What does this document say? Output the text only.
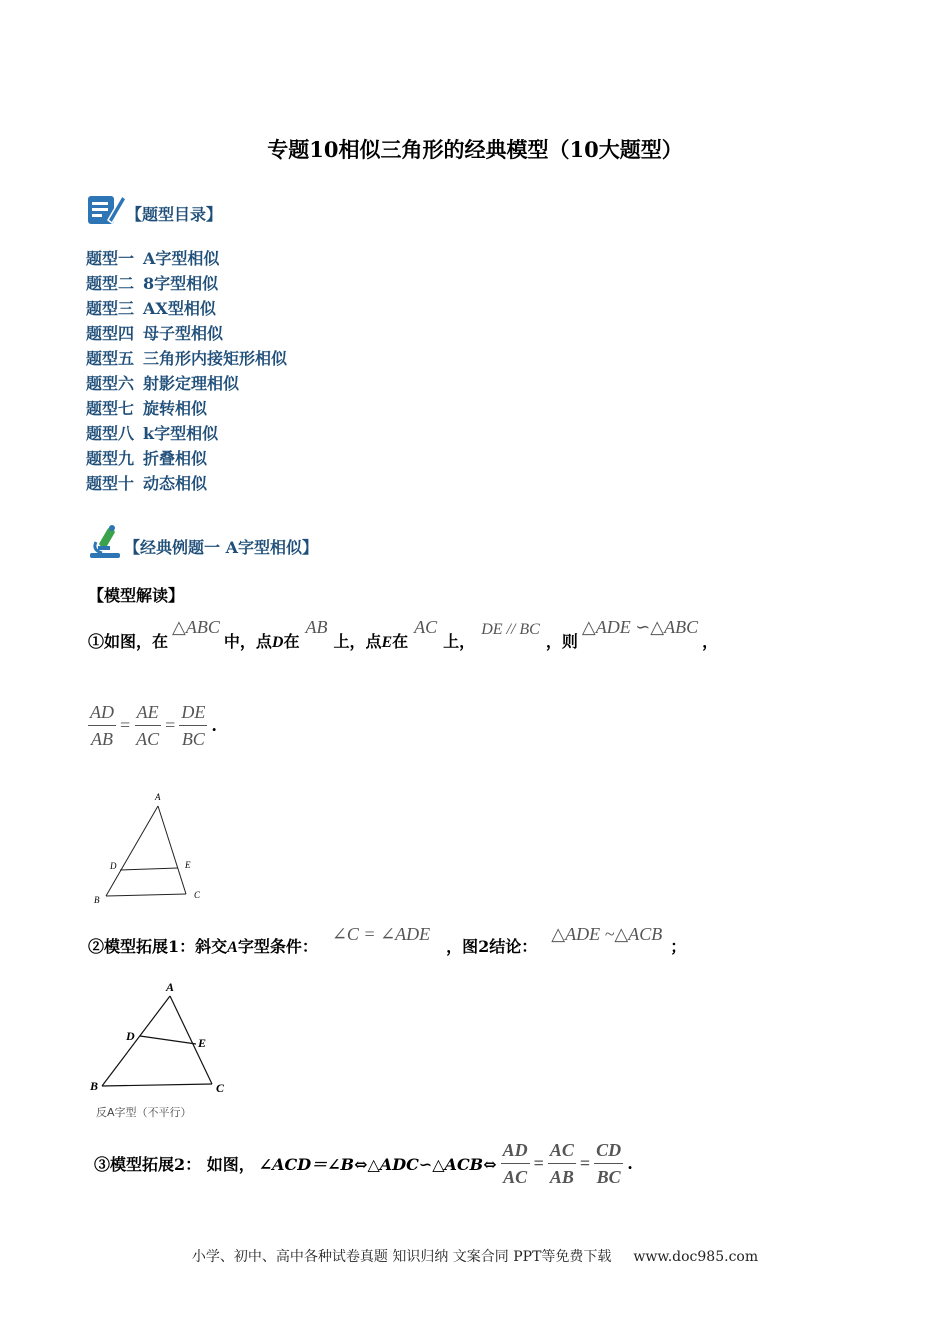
专题10相似三角形的经典模型（10大题型）
【题型目录】
题型一 A字型相似
题型二 8字型相似
题型三 AX型相似
题型四 母子型相似
题型五 三角形内接矩形相似
题型六 射影定理相似
题型七 旋转相似
题型八 k字型相似
题型九 折叠相似
题型十 动态相似
【经典例题一 A字型相似】
【模型解读】
①如图，在△ABC中，点D在AB上，点E在AC上，DE // BC，则△ADE ∽△ABC，
$\frac{AD}{AB} = \frac{AE}{AC} = \frac{DE}{BC}$ .
A
B	C
D	E
②模型拓展1：斜交A字型条件：∠C = ∠ADE，图2结论：△ADE ~△ACB；
A
B	C
D	E
反A字型（不平行）
③模型拓展2： 如图， ∠ACD＝∠B⇔△ADC∽△ACB⇔ $\frac{AD}{AC} = \frac{AC}{AB} = \frac{CD}{BC}$ .
小学、初中、高中各种试卷真题 知识归纳 文案合同 PPT等免费下载 www.doc985.com
